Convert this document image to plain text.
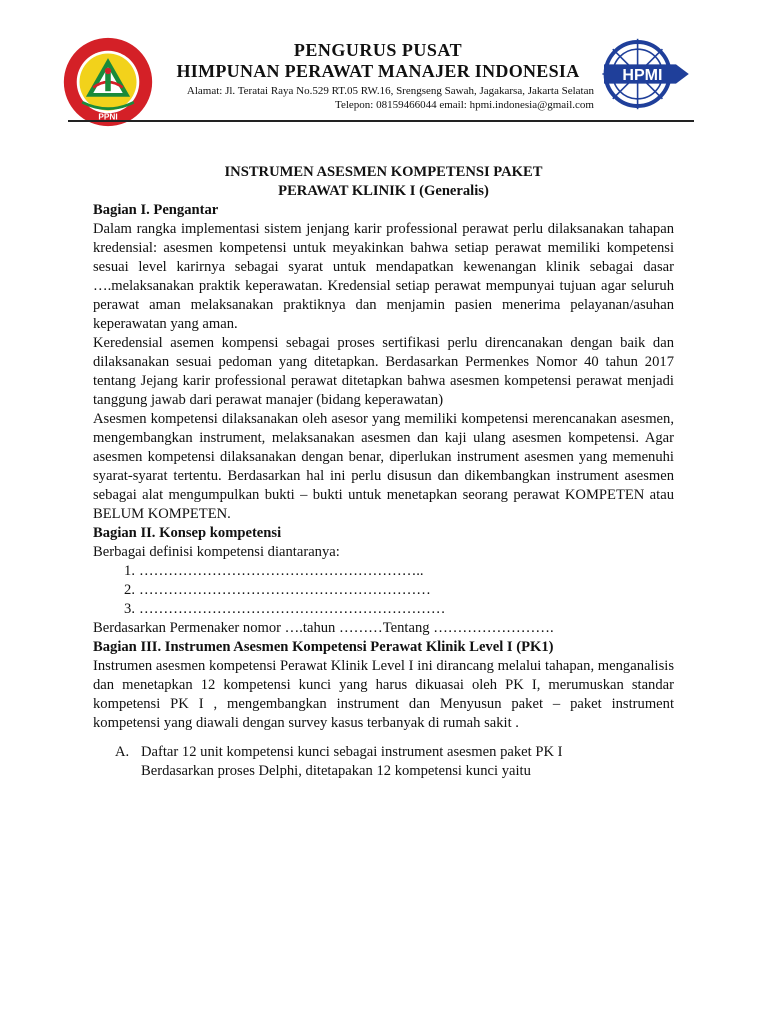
PPNI
PENGURUS PUSAT
HIMPUNAN PERAWAT MANAJER INDONESIA
Alamat: Jl. Teratai Raya No.529 RT.05 RW.16, Srengseng Sawah, Jagakarsa, Jakarta Selatan
Telepon: 08159466044 email: hpmi.indonesia@gmail.com
HPMI
INSTRUMEN ASESMEN KOMPETENSI PAKET
PERAWAT KLINIK I (Generalis)
Bagian I. Pengantar

Dalam rangka implementasi sistem jenjang karir professional perawat perlu dilaksanakan tahapan kredensial: asesmen kompetensi untuk meyakinkan bahwa setiap perawat memiliki kompetensi sesuai level karirnya sebagai syarat untuk mendapatkan kewenangan klinik sebagai dasar ….melaksanakan praktik keperawatan. Kredensial setiap perawat mempunyai tujuan agar seluruh perawat aman melaksanakan praktiknya dan menjamin pasien menerima pelayanan/asuhan keperawatan yang aman.

Keredensial asemen kompensi sebagai proses sertifikasi perlu direncanakan dengan baik dan dilaksanakan sesuai pedoman yang ditetapkan. Berdasarkan Permenkes Nomor 40 tahun 2017 tentang Jejang karir professional perawat ditetapkan bahwa asesmen kompetensi perawat menjadi tanggung jawab dari perawat manajer (bidang keperawatan)

Asesmen kompetensi dilaksanakan oleh asesor yang memiliki kompetensi merencanakan asesmen, mengembangkan instrument, melaksanakan asesmen dan kaji ulang asesmen kompetensi. Agar asesmen kompetensi dilaksanakan dengan benar, diperlukan instrument asesmen yang memenuhi syarat-syarat tertentu. Berdasarkan hal ini perlu disusun dan dikembangkan instrument asesmen sebagai alat mengumpulkan bukti – bukti untuk menetapkan seorang perawat KOMPETEN atau BELUM KOMPETEN.

Bagian II. Konsep kompetensi

Berbagai definisi kompetensi diantaranya:

1. …………………………………………………..
2. ……………………………………………………
3. ………………………………………………………

Berdasarkan Permenaker nomor ….tahun ………Tentang …………………….

Bagian III. Instrumen Asesmen Kompetensi Perawat Klinik Level I (PK1)

Instrumen asesmen kompetensi Perawat Klinik Level I ini dirancang melalui tahapan, menganalisis dan menetapkan 12 kompetensi kunci yang harus dikuasai oleh PK I, merumuskan standar kompetensi PK I , mengembangkan instrument dan Menyusun paket – paket instrument kompetensi yang diawali dengan survey kasus terbanyak di rumah sakit .

A. Daftar 12 unit kompetensi kunci sebagai instrument asesmen paket PK I
Berdasarkan proses Delphi, ditetapakan 12 kompetensi kunci yaitu
